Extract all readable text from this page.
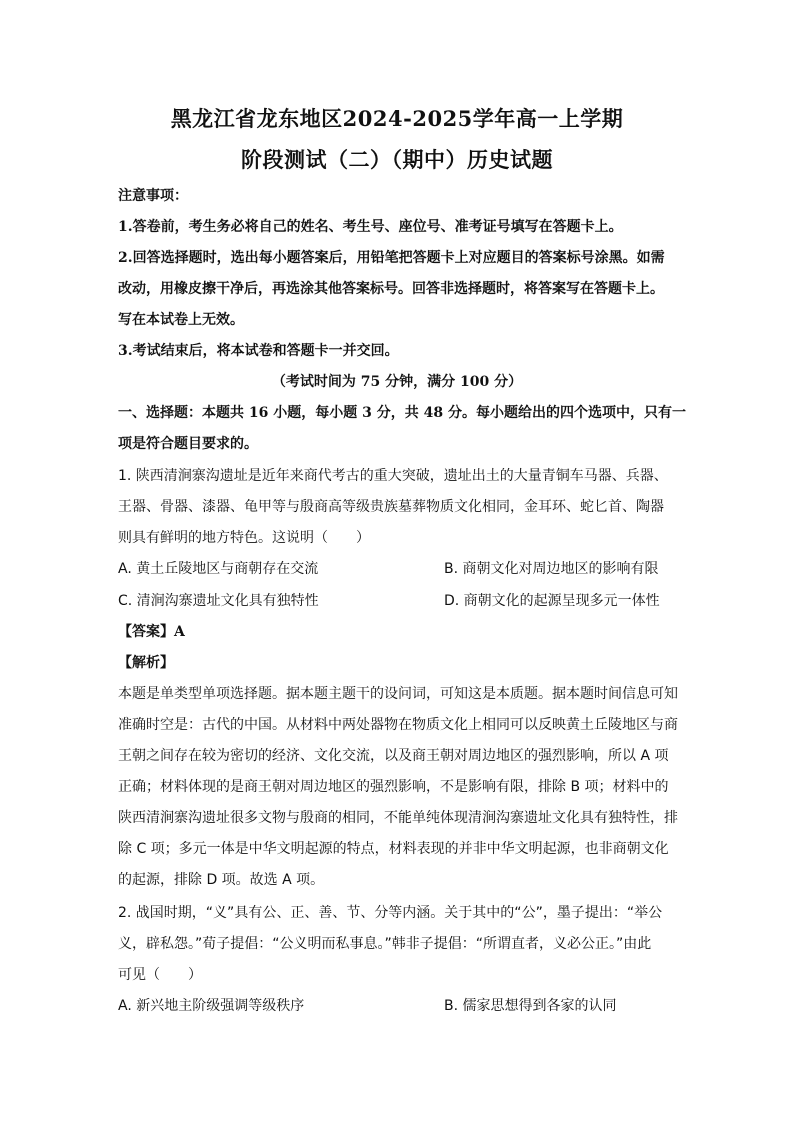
黑龙江省龙东地区2024-2025学年高一上学期
阶段测试（二）（期中）历史试题
注意事项：
1.答卷前，考生务必将自己的姓名、考生号、座位号、准考证号填写在答题卡上。
2.回答选择题时，选出每小题答案后，用铅笔把答题卡上对应题目的答案标号涂黑。如需
改动，用橡皮擦干净后，再选涂其他答案标号。回答非选择题时，将答案写在答题卡上。
写在本试卷上无效。
3.考试结束后，将本试卷和答题卡一并交回。
（考试时间为 75 分钟，满分 100 分）
一、选择题：本题共 16 小题，每小题 3 分，共 48 分。每小题给出的四个选项中，只有一
项是符合题目要求的。
1. 陕西清涧寨沟遗址是近年来商代考古的重大突破，遗址出土的大量青铜车马器、兵器、
王器、骨器、漆器、龟甲等与殷商高等级贵族墓葬物质文化相同，金耳环、蛇匕首、陶器
则具有鲜明的地方特色。这说明（　　）
A. 黄土丘陵地区与商朝存在交流	B. 商朝文化对周边地区的影响有限
C. 清涧沟寨遗址文化具有独特性	D. 商朝文化的起源呈现多元一体性
【答案】A
【解析】
本题是单类型单项选择题。据本题主题干的设问词，可知这是本质题。据本题时间信息可知
准确时空是：古代的中国。从材料中两处器物在物质文化上相同可以反映黄土丘陵地区与商
王朝之间存在较为密切的经济、文化交流，以及商王朝对周边地区的强烈影响，所以 A 项
正确；材料体现的是商王朝对周边地区的强烈影响，不是影响有限，排除 B 项；材料中的
陕西清涧寨沟遗址很多文物与殷商的相同，不能单纯体现清涧沟寨遗址文化具有独特性，排
除 C 项；多元一体是中华文明起源的特点，材料表现的并非中华文明起源，也非商朝文化
的起源，排除 D 项。故选 A 项。
2. 战国时期，“义”具有公、正、善、节、分等内涵。关于其中的“公”，墨子提出：“举公
义，辟私怨。”荀子提倡：“公义明而私事息。”韩非子提倡：“所谓直者，义必公正。”由此
可见（　　）
A. 新兴地主阶级强调等级秩序	B. 儒家思想得到各家的认同
